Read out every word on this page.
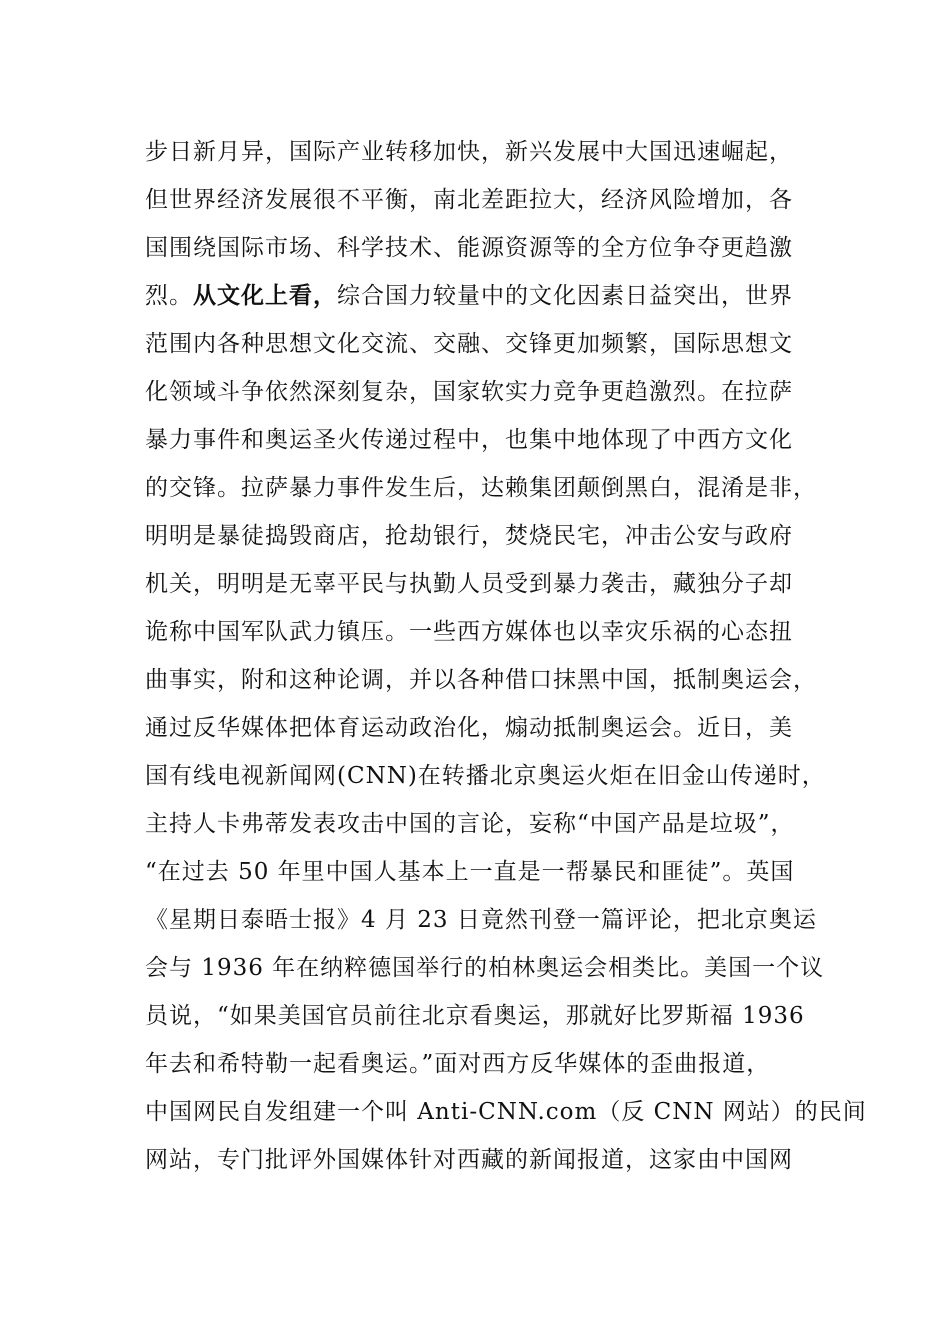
步日新月异，国际产业转移加快，新兴发展中大国迅速崛起，
但世界经济发展很不平衡，南北差距拉大，经济风险增加，各
国围绕国际市场、科学技术、能源资源等的全方位争夺更趋激
烈。从文化上看，综合国力较量中的文化因素日益突出，世界
范围内各种思想文化交流、交融、交锋更加频繁，国际思想文
化领域斗争依然深刻复杂，国家软实力竞争更趋激烈。在拉萨
暴力事件和奥运圣火传递过程中，也集中地体现了中西方文化
的交锋。拉萨暴力事件发生后，达赖集团颠倒黑白，混淆是非，
明明是暴徒捣毁商店，抢劫银行，焚烧民宅，冲击公安与政府
机关，明明是无辜平民与执勤人员受到暴力袭击，藏独分子却
诡称中国军队武力镇压。一些西方媒体也以幸灾乐祸的心态扭
曲事实，附和这种论调，并以各种借口抹黑中国，抵制奥运会，
通过反华媒体把体育运动政治化，煽动抵制奥运会。近日，美
国有线电视新闻网(CNN)在转播北京奥运火炬在旧金山传递时，
主持人卡弗蒂发表攻击中国的言论，妄称“中国产品是垃圾”，
“在过去 50 年里中国人基本上一直是一帮暴民和匪徒”。英国
《星期日泰晤士报》4 月 23 日竟然刊登一篇评论，把北京奥运
会与 1936 年在纳粹德国举行的柏林奥运会相类比。美国一个议
员说，“如果美国官员前往北京看奥运，那就好比罗斯福 1936
年去和希特勒一起看奥运。”面对西方反华媒体的歪曲报道，
中国网民自发组建一个叫 Anti-CNN.com（反 CNN 网站）的民间
网站，专门批评外国媒体针对西藏的新闻报道，这家由中国网
